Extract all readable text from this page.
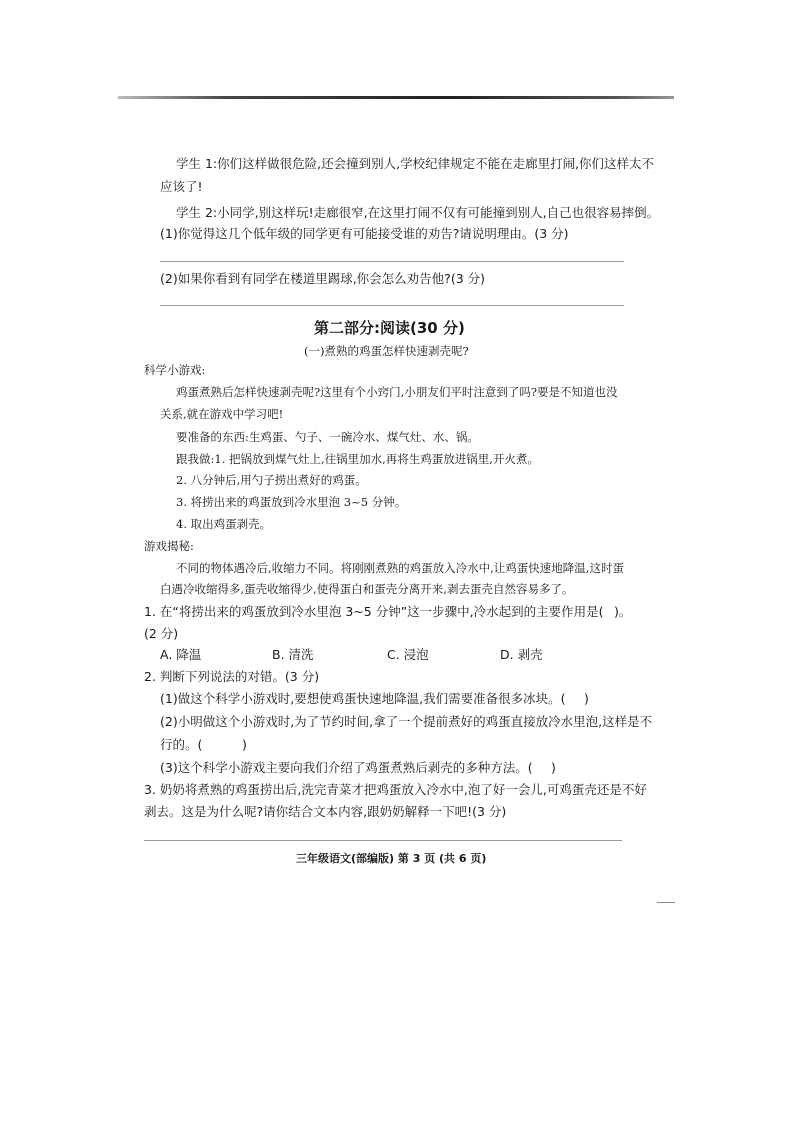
学生 1:你们这样做很危险,还会撞到别人,学校纪律规定不能在走廊里打闹,你们这样太不
应该了!
学生 2:小同学,别这样玩!走廊很窄,在这里打闹不仅有可能撞到别人,自己也很容易摔倒。
(1)你觉得这几个低年级的同学更有可能接受谁的劝告?请说明理由。(3 分)
(2)如果你看到有同学在楼道里踢球,你会怎么劝告他?(3 分)
第二部分:阅读(30 分)
(一)煮熟的鸡蛋怎样快速剥壳呢?
科学小游戏:
鸡蛋煮熟后怎样快速剥壳呢?这里有个小窍门,小朋友们平时注意到了吗?要是不知道也没
关系,就在游戏中学习吧!
要准备的东西:生鸡蛋、勺子、一碗冷水、煤气灶、水、锅。
跟我做:1. 把锅放到煤气灶上,往锅里加水,再将生鸡蛋放进锅里,开火煮。
2. 八分钟后,用勺子捞出煮好的鸡蛋。
3. 将捞出来的鸡蛋放到冷水里泡 3~5 分钟。
4. 取出鸡蛋剥壳。
游戏揭秘:
不同的物体遇冷后,收缩力不同。将刚刚煮熟的鸡蛋放入冷水中,让鸡蛋快速地降温,这时蛋
白遇冷收缩得多,蛋壳收缩得少,使得蛋白和蛋壳分离开来,剥去蛋壳自然容易多了。
1. 在“将捞出来的鸡蛋放到冷水里泡 3~5 分钟”这一步骤中,冷水起到的主要作用是( )。
(2 分)
A. 降温	B. 清洗	C. 浸泡	D. 剥壳
2. 判断下列说法的对错。(3 分)
(1)做这个科学小游戏时,要想使鸡蛋快速地降温,我们需要准备很多冰块。( )
(2)小明做这个小游戏时,为了节约时间,拿了一个提前煮好的鸡蛋直接放冷水里泡,这样是不
行的。(	)
(3)这个科学小游戏主要向我们介绍了鸡蛋煮熟后剥壳的多种方法。( )
3. 奶奶将煮熟的鸡蛋捞出后,洗完青菜才把鸡蛋放入冷水中,泡了好一会儿,可鸡蛋壳还是不好
剥去。这是为什么呢?请你结合文本内容,跟奶奶解释一下吧!(3 分)
三年级语文(部编版) 第 3 页 (共 6 页)
